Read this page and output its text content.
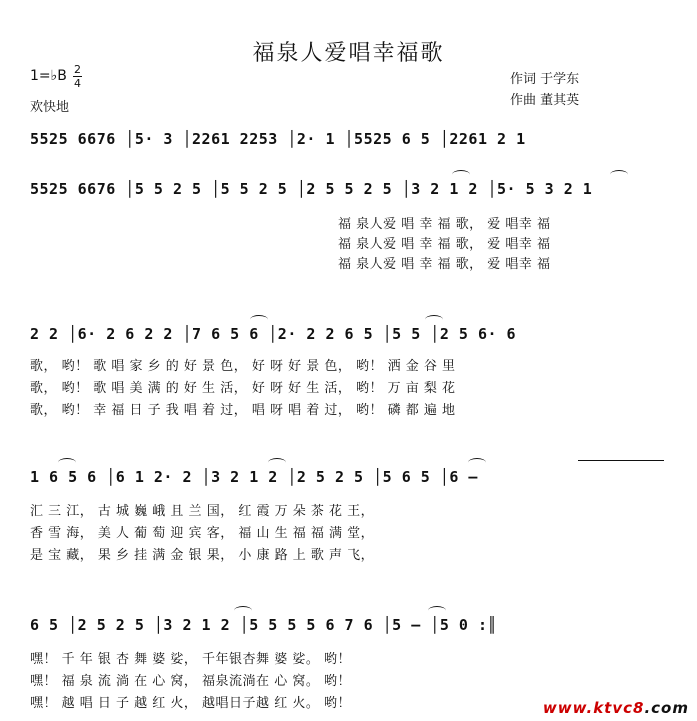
福泉人爱唱幸福歌
1=♭B 2
4
欢快地
作词 于学东
作曲 董其英
5525 6676 │5· 3 │2261 2253 │2· 1 │5525 6 5 │2261 2 1
5525 6676 │5 5 2 5 │5 5 2 5 │2 5 5 2 5 │3 2 1 2 │5· 5 3 2 1
福 泉人爱 唱 幸 福 歌， 爱 唱幸 福
福 泉人爱 唱 幸 福 歌， 爱 唱幸 福
福 泉人爱 唱 幸 福 歌， 爱 唱幸 福
2 2 │6· 2 6 2 2 │7 6 5 6 │2· 2 2 6 5 │5 5 │2 5 6· 6
歌， 哟！ 歌 唱 家 乡 的 好 景 色， 好 呀 好 景 色， 哟！ 洒 金 谷 里
歌， 哟！ 歌 唱 美 满 的 好 生 活， 好 呀 好 生 活， 哟！ 万 亩 梨 花
歌， 哟！ 幸 福 日 子 我 唱 着 过， 唱 呀 唱 着 过， 哟！ 磷 都 遍 地
1 6 5 6 │6 1 2· 2 │3 2 1 2 │2 5 2 5 │5 6 5 │6 –
汇 三 江， 古 城 巍 峨 且 兰 国， 红 霞 万 朵 茶 花 王，
香 雪 海， 美 人 葡 萄 迎 宾 客， 福 山 生 福 福 满 堂，
是 宝 藏， 果 乡 挂 满 金 银 果， 小 康 路 上 歌 声 飞，
6 5 │2 5 2 5 │3 2 1 2 │5 5 5 5 6 7 6 │5 – │5 0 :║
嘿！ 千 年 银 杏 舞 婆 娑， 千年银杏舞 婆 娑。 哟！
嘿！ 福 泉 流 淌 在 心 窝， 福泉流淌在 心 窝。 哟！
嘿！ 越 唱 日 子 越 红 火， 越唱日子越 红 火。 哟！	www.ktvc8.com
